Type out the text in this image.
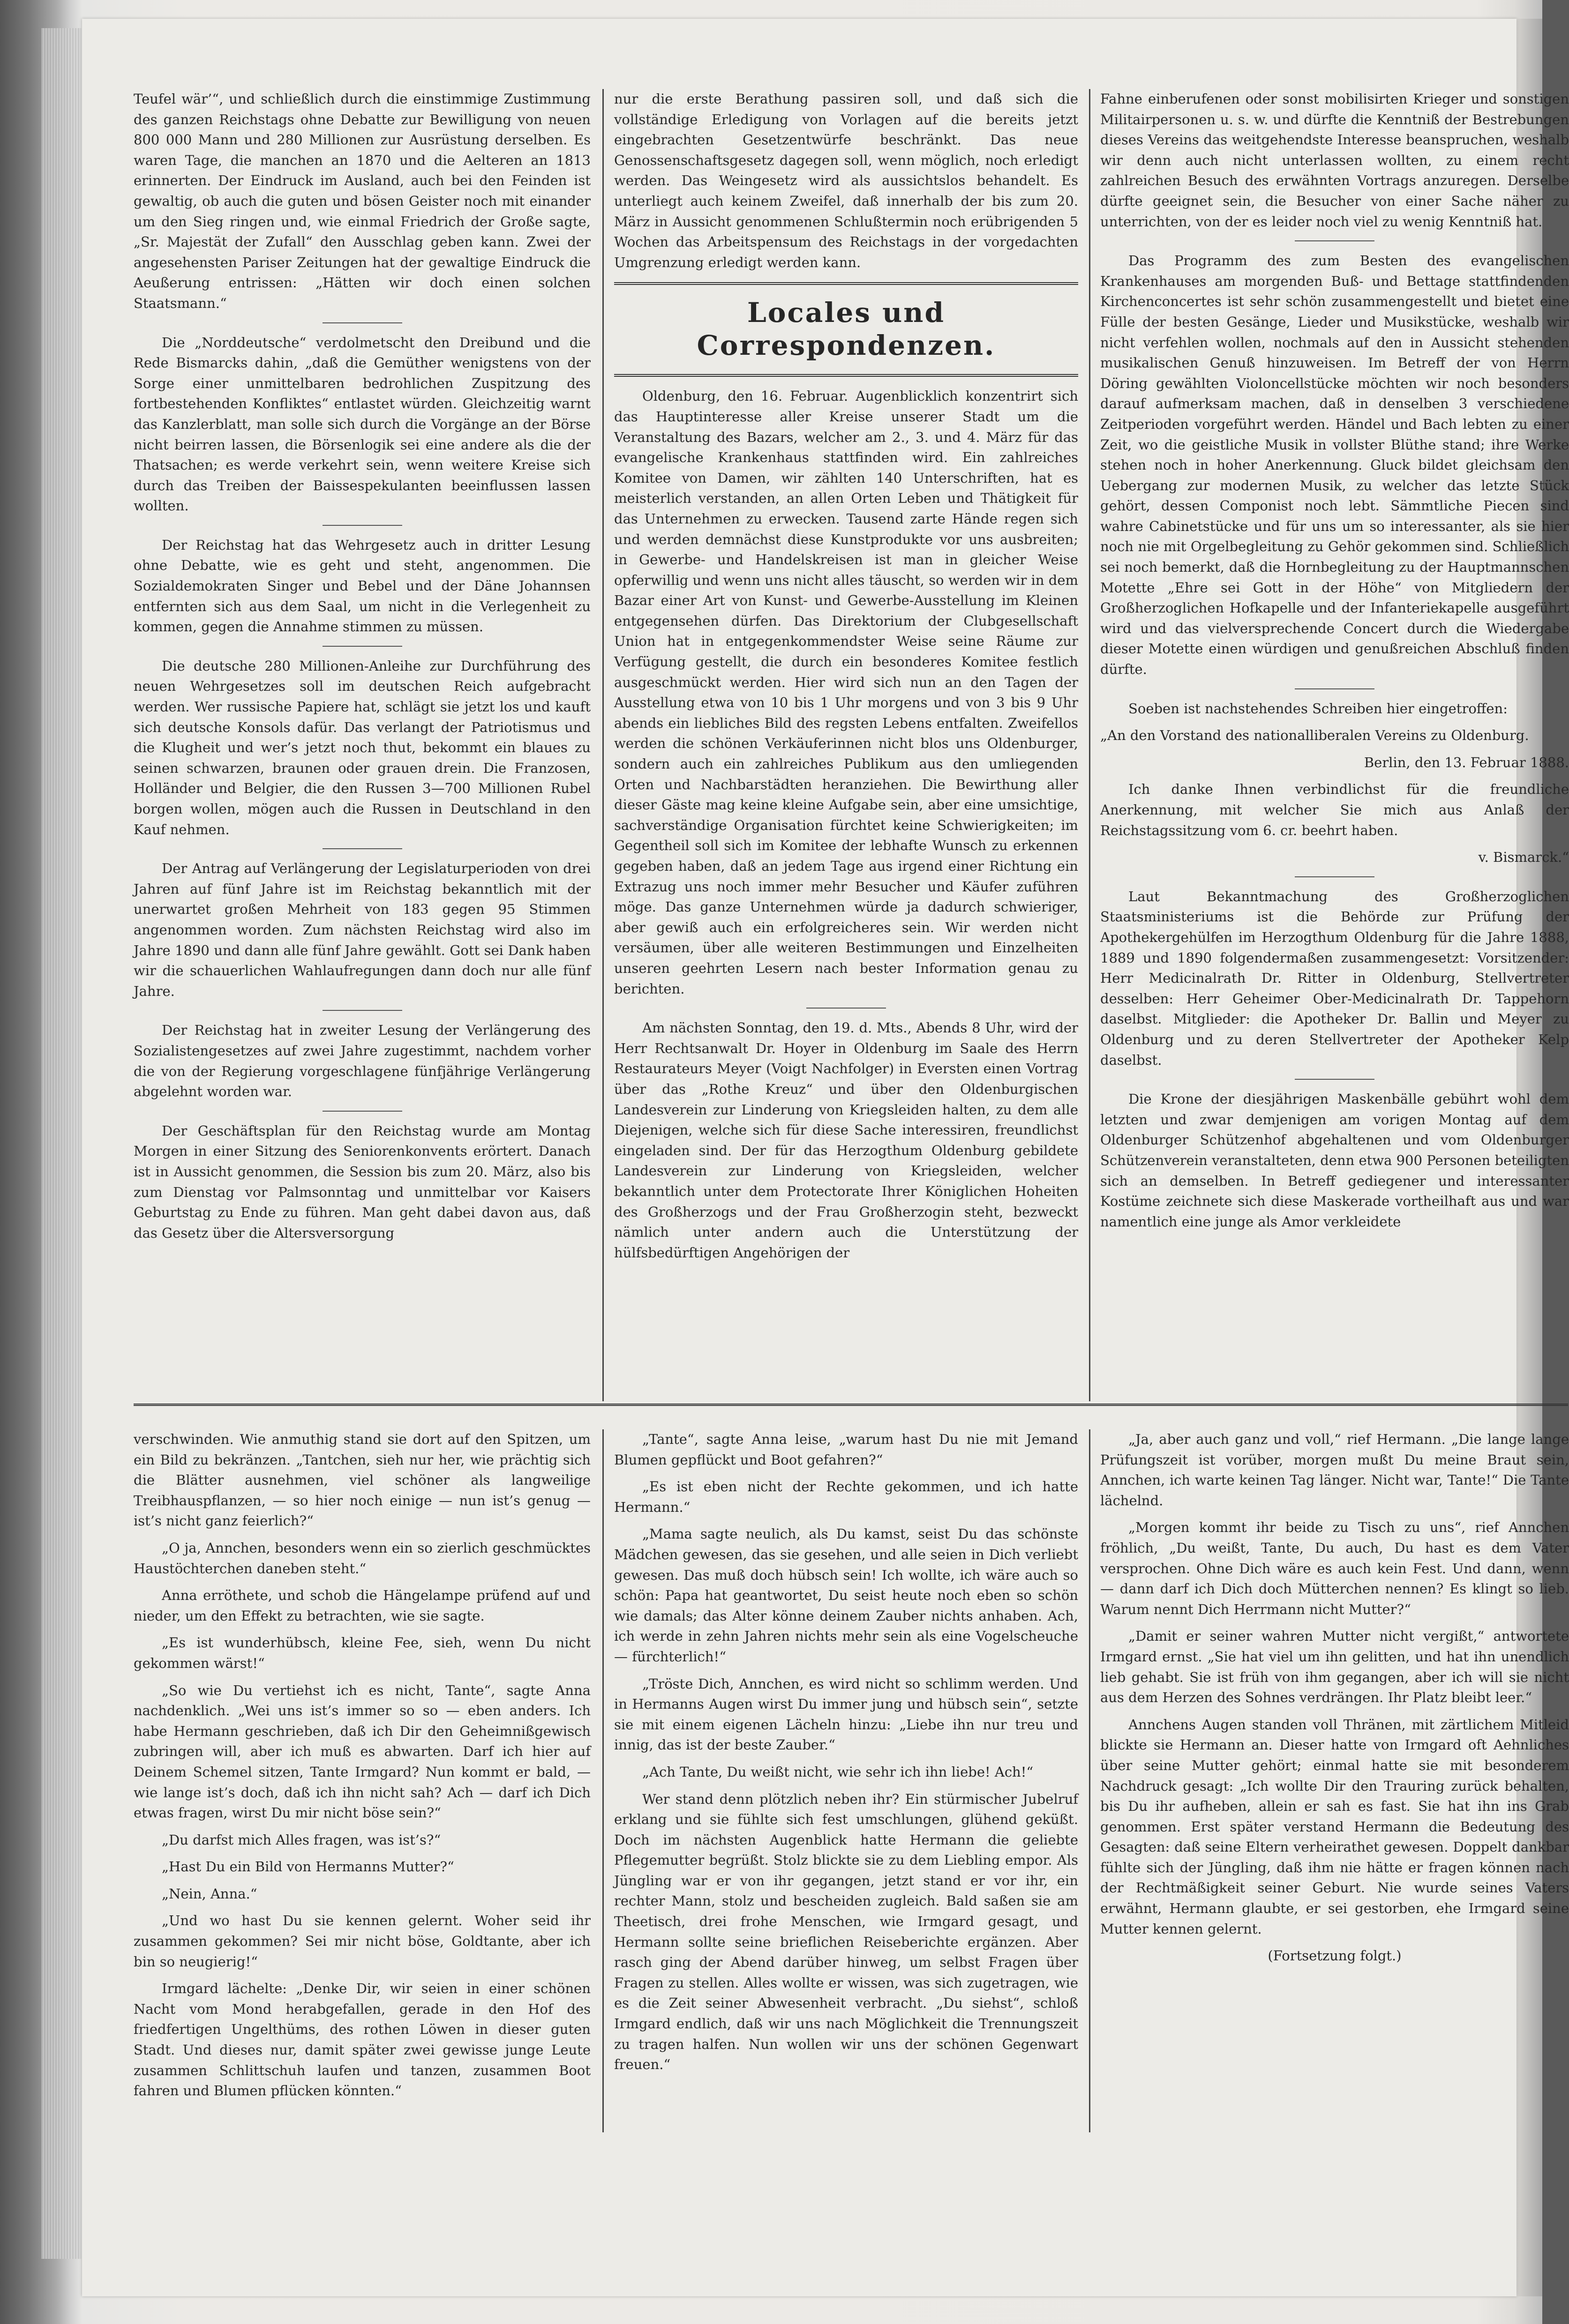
Teufel wär’“, und schließlich durch die einstimmige Zustimmung des ganzen Reichstags ohne Debatte zur Bewilligung von neuen 800 000 Mann und 280 Millionen zur Ausrüstung derselben. Es waren Tage, die manchen an 1870 und die Aelteren an 1813 erinnerten. Der Eindruck im Ausland, auch bei den Feinden ist gewaltig, ob auch die guten und bösen Geister noch mit einander um den Sieg ringen und, wie einmal Friedrich der Große sagte, „Sr. Majestät der Zufall“ den Ausschlag geben kann. Zwei der angesehensten Pariser Zeitungen hat der gewaltige Eindruck die Aeußerung entrissen: „Hätten wir doch einen solchen Staatsmann.“

Die „Norddeutsche“ verdolmetscht den Dreibund und die Rede Bismarcks dahin, „daß die Gemüther wenigstens von der Sorge einer unmittelbaren bedrohlichen Zuspitzung des fortbestehenden Konfliktes“ entlastet würden. Gleichzeitig warnt das Kanzlerblatt, man solle sich durch die Vorgänge an der Börse nicht beirren lassen, die Börsenlogik sei eine andere als die der Thatsachen; es werde verkehrt sein, wenn weitere Kreise sich durch das Treiben der Baissespekulanten beeinflussen lassen wollten.

Der Reichstag hat das Wehrgesetz auch in dritter Lesung ohne Debatte, wie es geht und steht, angenommen. Die Sozialdemokraten Singer und Bebel und der Däne Johannsen entfernten sich aus dem Saal, um nicht in die Verlegenheit zu kommen, gegen die Annahme stimmen zu müssen.

Die deutsche 280 Millionen-Anleihe zur Durchführung des neuen Wehrgesetzes soll im deutschen Reich aufgebracht werden. Wer russische Papiere hat, schlägt sie jetzt los und kauft sich deutsche Konsols dafür. Das verlangt der Patriotismus und die Klugheit und wer’s jetzt noch thut, bekommt ein blaues zu seinen schwarzen, braunen oder grauen drein. Die Franzosen, Holländer und Belgier, die den Russen 3—700 Millionen Rubel borgen wollen, mögen auch die Russen in Deutschland in den Kauf nehmen.

Der Antrag auf Verlängerung der Legislaturperioden von drei Jahren auf fünf Jahre ist im Reichstag bekanntlich mit der unerwartet großen Mehrheit von 183 gegen 95 Stimmen angenommen worden. Zum nächsten Reichstag wird also im Jahre 1890 und dann alle fünf Jahre gewählt. Gott sei Dank haben wir die schauerlichen Wahlaufregungen dann doch nur alle fünf Jahre.

Der Reichstag hat in zweiter Lesung der Verlängerung des Sozialistengesetzes auf zwei Jahre zugestimmt, nachdem vorher die von der Regierung vorgeschlagene fünfjährige Verlängerung abgelehnt worden war.

Der Geschäftsplan für den Reichstag wurde am Montag Morgen in einer Sitzung des Seniorenkonvents erörtert. Danach ist in Aussicht genommen, die Session bis zum 20. März, also bis zum Dienstag vor Palmsonntag und unmittelbar vor Kaisers Geburtstag zu Ende zu führen. Man geht dabei davon aus, daß das Gesetz über die Altersversorgung

nur die erste Berathung passiren soll, und daß sich die vollständige Erledigung von Vorlagen auf die bereits jetzt eingebrachten Gesetzentwürfe beschränkt. Das neue Genossenschaftsgesetz dagegen soll, wenn möglich, noch erledigt werden. Das Weingesetz wird als aussichtslos behandelt. Es unterliegt auch keinem Zweifel, daß innerhalb der bis zum 20. März in Aussicht genommenen Schlußtermin noch erübrigenden 5 Wochen das Arbeitspensum des Reichstags in der vorgedachten Umgrenzung erledigt werden kann.

Locales und Correspondenzen.

Oldenburg, den 16. Februar. Augenblicklich konzentrirt sich das Hauptinteresse aller Kreise unserer Stadt um die Veranstaltung des Bazars, welcher am 2., 3. und 4. März für das evangelische Krankenhaus stattfinden wird. Ein zahlreiches Komitee von Damen, wir zählten 140 Unterschriften, hat es meisterlich verstanden, an allen Orten Leben und Thätigkeit für das Unternehmen zu erwecken. Tausend zarte Hände regen sich und werden demnächst diese Kunstprodukte vor uns ausbreiten; in Gewerbe- und Handelskreisen ist man in gleicher Weise opferwillig und wenn uns nicht alles täuscht, so werden wir in dem Bazar einer Art von Kunst- und Gewerbe-Ausstellung im Kleinen entgegensehen dürfen. Das Direktorium der Clubgesellschaft Union hat in entgegenkommendster Weise seine Räume zur Verfügung gestellt, die durch ein besonderes Komitee festlich ausgeschmückt werden. Hier wird sich nun an den Tagen der Ausstellung etwa von 10 bis 1 Uhr morgens und von 3 bis 9 Uhr abends ein liebliches Bild des regsten Lebens entfalten. Zweifellos werden die schönen Verkäuferinnen nicht blos uns Oldenburger, sondern auch ein zahlreiches Publikum aus den umliegenden Orten und Nachbarstädten heranziehen. Die Bewirthung aller dieser Gäste mag keine kleine Aufgabe sein, aber eine umsichtige, sachverständige Organisation fürchtet keine Schwierigkeiten; im Gegentheil soll sich im Komitee der lebhafte Wunsch zu erkennen gegeben haben, daß an jedem Tage aus irgend einer Richtung ein Extrazug uns noch immer mehr Besucher und Käufer zuführen möge. Das ganze Unternehmen würde ja dadurch schwieriger, aber gewiß auch ein erfolgreicheres sein. Wir werden nicht versäumen, über alle weiteren Bestimmungen und Einzelheiten unseren geehrten Lesern nach bester Information genau zu berichten.

Am nächsten Sonntag, den 19. d. Mts., Abends 8 Uhr, wird der Herr Rechtsanwalt Dr. Hoyer in Oldenburg im Saale des Herrn Restaurateurs Meyer (Voigt Nachfolger) in Eversten einen Vortrag über das „Rothe Kreuz“ und über den Oldenburgischen Landesverein zur Linderung von Kriegsleiden halten, zu dem alle Diejenigen, welche sich für diese Sache interessiren, freundlichst eingeladen sind. Der für das Herzogthum Oldenburg gebildete Landesverein zur Linderung von Kriegsleiden, welcher bekanntlich unter dem Protectorate Ihrer Königlichen Hoheiten des Großherzogs und der Frau Großherzogin steht, bezweckt nämlich unter andern auch die Unterstützung der hülfsbedürftigen Angehörigen der

Fahne einberufenen oder sonst mobilisirten Krieger und sonstigen Militairpersonen u. s. w. und dürfte die Kenntniß der Bestrebungen dieses Vereins das weitgehendste Interesse beanspruchen, weshalb wir denn auch nicht unterlassen wollten, zu einem recht zahlreichen Besuch des erwähnten Vortrags anzuregen. Derselbe dürfte geeignet sein, die Besucher von einer Sache näher zu unterrichten, von der es leider noch viel zu wenig Kenntniß hat.

Das Programm des zum Besten des evangelischen Krankenhauses am morgenden Buß- und Bettage stattfindenden Kirchenconcertes ist sehr schön zusammengestellt und bietet eine Fülle der besten Gesänge, Lieder und Musikstücke, weshalb wir nicht verfehlen wollen, nochmals auf den in Aussicht stehenden musikalischen Genuß hinzuweisen. Im Betreff der von Herrn Döring gewählten Violoncellstücke möchten wir noch besonders darauf aufmerksam machen, daß in denselben 3 verschiedene Zeitperioden vorgeführt werden. Händel und Bach lebten zu einer Zeit, wo die geistliche Musik in vollster Blüthe stand; ihre Werke stehen noch in hoher Anerkennung. Gluck bildet gleichsam den Uebergang zur modernen Musik, zu welcher das letzte Stück gehört, dessen Componist noch lebt. Sämmtliche Piecen sind wahre Cabinetstücke und für uns um so interessanter, als sie hier noch nie mit Orgelbegleitung zu Gehör gekommen sind. Schließlich sei noch bemerkt, daß die Hornbegleitung zu der Hauptmannschen Motette „Ehre sei Gott in der Höhe“ von Mitgliedern der Großherzoglichen Hofkapelle und der Infanteriekapelle ausgeführt wird und das vielversprechende Concert durch die Wiedergabe dieser Motette einen würdigen und genußreichen Abschluß finden dürfte.

Soeben ist nachstehendes Schreiben hier eingetroffen:

„An den Vorstand des nationalliberalen Vereins zu Oldenburg.

Berlin, den 13. Februar 1888.

Ich danke Ihnen verbindlichst für die freundliche Anerkennung, mit welcher Sie mich aus Anlaß der Reichstagssitzung vom 6. cr. beehrt haben.

v. Bismarck.“

Laut Bekanntmachung des Großherzoglichen Staatsministeriums ist die Behörde zur Prüfung der Apothekergehülfen im Herzogthum Oldenburg für die Jahre 1888, 1889 und 1890 folgendermaßen zusammengesetzt: Vorsitzender: Herr Medicinalrath Dr. Ritter in Oldenburg, Stellvertreter desselben: Herr Geheimer Ober-Medicinalrath Dr. Tappehorn daselbst. Mitglieder: die Apotheker Dr. Ballin und Meyer zu Oldenburg und zu deren Stellvertreter der Apotheker Kelp daselbst.

Die Krone der diesjährigen Maskenbälle gebührt wohl dem letzten und zwar demjenigen am vorigen Montag auf dem Oldenburger Schützenhof abgehaltenen und vom Oldenburger Schützenverein veranstalteten, denn etwa 900 Personen beteiligten sich an demselben. In Betreff gediegener und interessanter Kostüme zeichnete sich diese Maskerade vortheilhaft aus und war namentlich eine junge als Amor verkleidete

verschwinden. Wie anmuthig stand sie dort auf den Spitzen, um ein Bild zu bekränzen. „Tantchen, sieh nur her, wie prächtig sich die Blätter ausnehmen, viel schöner als langweilige Treibhauspflanzen, — so hier noch einige — nun ist’s genug — ist’s nicht ganz feierlich?“

„O ja, Annchen, besonders wenn ein so zierlich geschmücktes Haustöchterchen daneben steht.“

Anna erröthete, und schob die Hängelampe prüfend auf und nieder, um den Effekt zu betrachten, wie sie sagte.

„Es ist wunderhübsch, kleine Fee, sieh, wenn Du nicht gekommen wärst!“

„So wie Du vertiehst ich es nicht, Tante“, sagte Anna nachdenklich. „Wei uns ist’s immer so so — eben anders. Ich habe Hermann geschrieben, daß ich Dir den Geheimnißgewisch zubringen will, aber ich muß es abwarten. Darf ich hier auf Deinem Schemel sitzen, Tante Irmgard? Nun kommt er bald, — wie lange ist’s doch, daß ich ihn nicht sah? Ach — darf ich Dich etwas fragen, wirst Du mir nicht böse sein?“

„Du darfst mich Alles fragen, was ist’s?“

„Hast Du ein Bild von Hermanns Mutter?“

„Nein, Anna.“

„Und wo hast Du sie kennen gelernt. Woher seid ihr zusammen gekommen? Sei mir nicht böse, Goldtante, aber ich bin so neugierig!“

Irmgard lächelte: „Denke Dir, wir seien in einer schönen Nacht vom Mond herabgefallen, gerade in den Hof des friedfertigen Ungelthüms, des rothen Löwen in dieser guten Stadt. Und dieses nur, damit später zwei gewisse junge Leute zusammen Schlittschuh laufen und tanzen, zusammen Boot fahren und Blumen pflücken könnten.“

„Tante“, sagte Anna leise, „warum hast Du nie mit Jemand Blumen gepflückt und Boot gefahren?“

„Es ist eben nicht der Rechte gekommen, und ich hatte Hermann.“

„Mama sagte neulich, als Du kamst, seist Du das schönste Mädchen gewesen, das sie gesehen, und alle seien in Dich verliebt gewesen. Das muß doch hübsch sein! Ich wollte, ich wäre auch so schön: Papa hat geantwortet, Du seist heute noch eben so schön wie damals; das Alter könne deinem Zauber nichts anhaben. Ach, ich werde in zehn Jahren nichts mehr sein als eine Vogelscheuche — fürchterlich!“

„Tröste Dich, Annchen, es wird nicht so schlimm werden. Und in Hermanns Augen wirst Du immer jung und hübsch sein“, setzte sie mit einem eigenen Lächeln hinzu: „Liebe ihn nur treu und innig, das ist der beste Zauber.“

„Ach Tante, Du weißt nicht, wie sehr ich ihn liebe! Ach!“

Wer stand denn plötzlich neben ihr? Ein stürmischer Jubelruf erklang und sie fühlte sich fest umschlungen, glühend geküßt. Doch im nächsten Augenblick hatte Hermann die geliebte Pflegemutter begrüßt. Stolz blickte sie zu dem Liebling empor. Als Jüngling war er von ihr gegangen, jetzt stand er vor ihr, ein rechter Mann, stolz und bescheiden zugleich. Bald saßen sie am Theetisch, drei frohe Menschen, wie Irmgard gesagt, und Hermann sollte seine brieflichen Reiseberichte ergänzen. Aber rasch ging der Abend darüber hinweg, um selbst Fragen über Fragen zu stellen. Alles wollte er wissen, was sich zugetragen, wie es die Zeit seiner Abwesenheit verbracht. „Du siehst“, schloß Irmgard endlich, daß wir uns nach Möglichkeit die Trennungszeit zu tragen halfen. Nun wollen wir uns der schönen Gegenwart freuen.“

„Ja, aber auch ganz und voll,“ rief Hermann. „Die lange lange Prüfungszeit ist vorüber, morgen mußt Du meine Braut sein, Annchen, ich warte keinen Tag länger. Nicht war, Tante!“ Die Tante lächelnd.

„Morgen kommt ihr beide zu Tisch zu uns“, rief Annchen fröhlich, „Du weißt, Tante, Du auch, Du hast es dem Vater versprochen. Ohne Dich wäre es auch kein Fest. Und dann, wenn — dann darf ich Dich doch Mütterchen nennen? Es klingt so lieb. Warum nennt Dich Herrmann nicht Mutter?“

„Damit er seiner wahren Mutter nicht vergißt,“ antwortete Irmgard ernst. „Sie hat viel um ihn gelitten, und hat ihn unendlich lieb gehabt. Sie ist früh von ihm gegangen, aber ich will sie nicht aus dem Herzen des Sohnes verdrängen. Ihr Platz bleibt leer.“

Annchens Augen standen voll Thränen, mit zärtlichem Mitleid blickte sie Hermann an. Dieser hatte von Irmgard oft Aehnliches über seine Mutter gehört; einmal hatte sie mit besonderem Nachdruck gesagt: „Ich wollte Dir den Trauring zurück behalten, bis Du ihr aufheben, allein er sah es fast. Sie hat ihn ins Grab genommen. Erst später verstand Hermann die Bedeutung des Gesagten: daß seine Eltern verheirathet gewesen. Doppelt dankbar fühlte sich der Jüngling, daß ihm nie hätte er fragen können nach der Rechtmäßigkeit seiner Geburt. Nie wurde seines Vaters erwähnt, Hermann glaubte, er sei gestorben, ehe Irmgard seine Mutter kennen gelernt.

(Fortsetzung folgt.)
